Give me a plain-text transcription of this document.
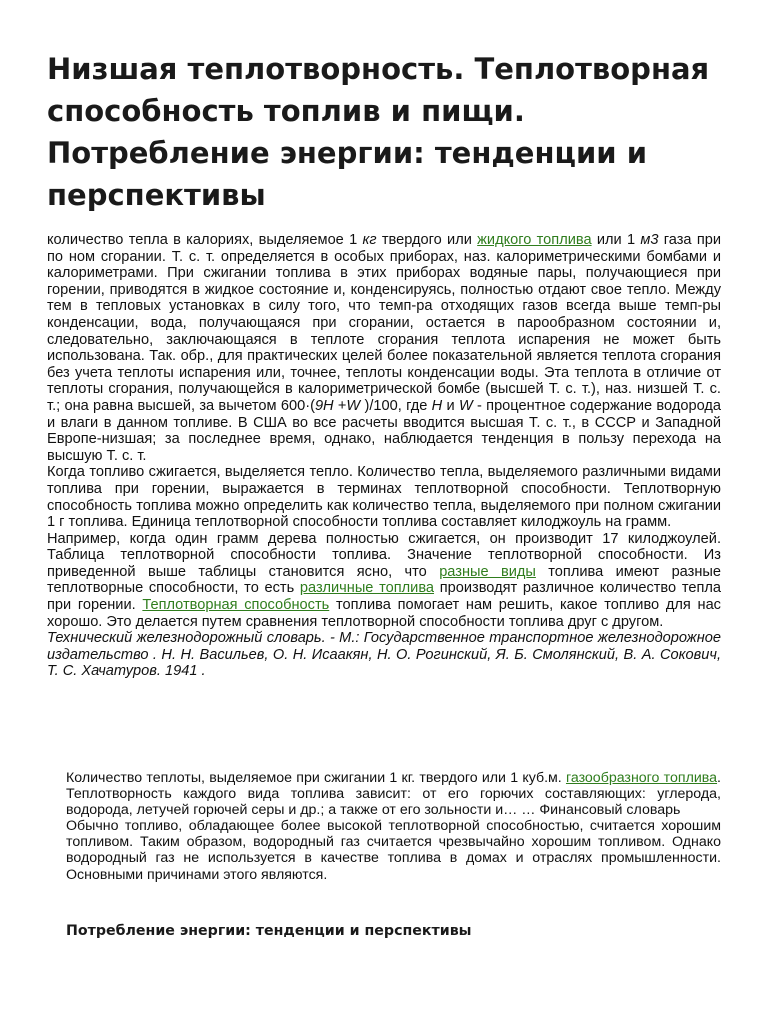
Низшая теплотворность. Теплотворная способность топлив и пищи. Потребление энергии: тенденции и перспективы

количество тепла в калориях, выделяемое 1 кг твердого или жидкого топлива или 1 м3 газа при по ном сгорании. Т. с. т. определяется в особых приборах, наз. калориметрическими бомбами и калориметрами. При сжигании топлива в этих приборах водяные пары, получающиеся при горении, приводятся в жидкое состояние и, конденсируясь, полностью отдают свое тепло. Между тем в тепловых установках в силу того, что темп-ра отходящих газов всегда выше темп-ры конденсации, вода, получающаяся при сгорании, остается в парообразном состоянии и, следовательно, заключающаяся в теплоте сгорания теплота испарения не может быть использована. Так. обр., для практических целей более показательной является теплота сгорания без учета теплоты испарения или, точнее, теплоты конденсации воды. Эта теплота в отличие от теплоты сгорания, получающейся в калориметрической бомбе (высшей Т. с. т.), наз. низшей Т. с. т.; она равна высшей, за вычетом 600·(9H +W )/100, где H и W - процентное содержание водорода и влаги в данном топливе. В США во все расчеты вводится высшая Т. с. т., в СССР и Западной Европе-низшая; за последнее время, однако, наблюдается тенденция в пользу перехода на высшую Т. с. т.

Когда топливо сжигается, выделяется тепло. Количество тепла, выделяемого различными видами топлива при горении, выражается в терминах теплотворной способности. Теплотворную способность топлива можно определить как количество тепла, выделяемого при полном сжигании 1 г топлива. Единица теплотворной способности топлива составляет килоджоуль на грамм.

Например, когда один грамм дерева полностью сжигается, он производит 17 килоджоулей. Таблица теплотворной способности топлива. Значение теплотворной способности. Из приведенной выше таблицы становится ясно, что разные виды топлива имеют разные теплотворные способности, то есть различные топлива производят различное количество тепла при горении. Теплотворная способность топлива помогает нам решить, какое топливо для нас хорошо. Это делается путем сравнения теплотворной способности топлива друг с другом.

Технический железнодорожный словарь. - М.: Государственное транспортное железнодорожное издательство . Н. Н. Васильев, О. Н. Исаакян, Н. О. Рогинский, Я. Б. Смолянский, В. А. Сокович, Т. С. Хачатуров. 1941 .

Количество теплоты, выделяемое при сжигании 1 кг. твердого или 1 куб.м. газообразного топлива. Теплотворность каждого вида топлива зависит: от его горючих составляющих: углерода, водорода, летучей горючей серы и др.; а также от его зольности и… … Финансовый словарь

Обычно топливо, обладающее более высокой теплотворной способностью, считается хорошим топливом. Таким образом, водородный газ считается чрезвычайно хорошим топливом. Однако водородный газ не используется в качестве топлива в домах и отраслях промышленности. Основными причинами этого являются.

Потребление энергии: тенденции и перспективы
